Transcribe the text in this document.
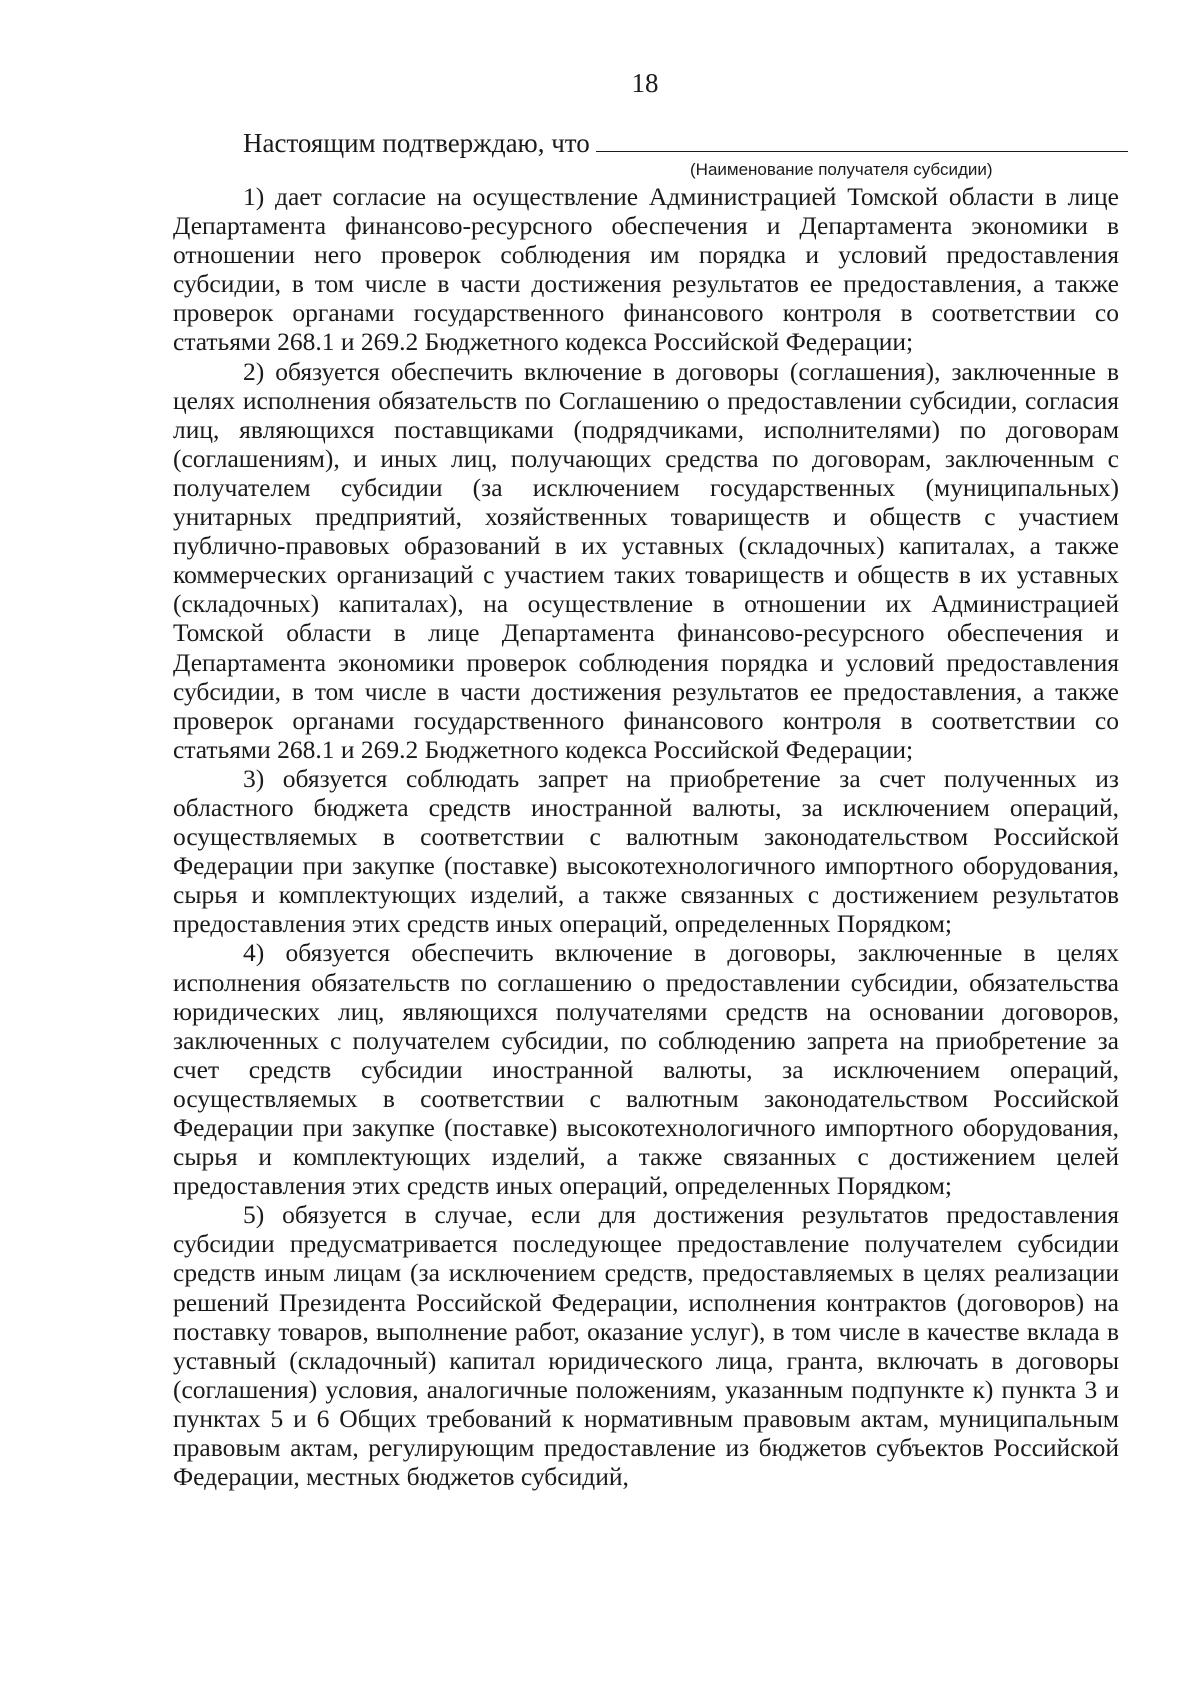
18
Настоящим подтверждаю, что
(Наименование получателя субсидии)

1) дает согласие на осуществление Администрацией Томской области в лице Департамента финансово-ресурсного обеспечения и Департамента экономики в отношении него проверок соблюдения им порядка и условий предоставления субсидии, в том числе в части достижения результатов ее предоставления, а также проверок органами государственного финансового контроля в соответствии со статьями 268.1 и 269.2 Бюджетного кодекса Российской Федерации;

2) обязуется обеспечить включение в договоры (соглашения), заключенные в целях исполнения обязательств по Соглашению о предоставлении субсидии, согласия лиц, являющихся поставщиками (подрядчиками, исполнителями) по договорам (соглашениям), и иных лиц, получающих средства по договорам, заключенным с получателем субсидии (за исключением государственных (муниципальных) унитарных предприятий, хозяйственных товариществ и обществ с участием публично-правовых образований в их уставных (складочных) капиталах, а также коммерческих организаций с участием таких товариществ и обществ в их уставных (складочных) капиталах), на осуществление в отношении их Администрацией Томской области в лице Департамента финансово-ресурсного обеспечения и Департамента экономики проверок соблюдения порядка и условий предоставления субсидии, в том числе в части достижения результатов ее предоставления, а также проверок органами государственного финансового контроля в соответствии со статьями 268.1 и 269.2 Бюджетного кодекса Российской Федерации;

3) обязуется соблюдать запрет на приобретение за счет полученных из областного бюджета средств иностранной валюты, за исключением операций, осуществляемых в соответствии с валютным законодательством Российской Федерации при закупке (поставке) высокотехнологичного импортного оборудования, сырья и комплектующих изделий, а также связанных с достижением результатов предоставления этих средств иных операций, определенных Порядком;

4) обязуется обеспечить включение в договоры, заключенные в целях исполнения обязательств по соглашению о предоставлении субсидии, обязательства юридических лиц, являющихся получателями средств на основании договоров, заключенных с получателем субсидии, по соблюдению запрета на приобретение за счет средств субсидии иностранной валюты, за исключением операций, осуществляемых в соответствии с валютным законодательством Российской Федерации при закупке (поставке) высокотехнологичного импортного оборудования, сырья и комплектующих изделий, а также связанных с достижением целей предоставления этих средств иных операций, определенных Порядком;

5) обязуется в случае, если для достижения результатов предоставления субсидии предусматривается последующее предоставление получателем субсидии средств иным лицам (за исключением средств, предоставляемых в целях реализации решений Президента Российской Федерации, исполнения контрактов (договоров) на поставку товаров, выполнение работ, оказание услуг), в том числе в качестве вклада в уставный (складочный) капитал юридического лица, гранта, включать в договоры (соглашения) условия, аналогичные положениям, указанным подпункте к) пункта 3 и пунктах 5 и 6 Общих требований к нормативным правовым актам, муниципальным правовым актам, регулирующим предоставление из бюджетов субъектов Российской Федерации, местных бюджетов субсидий,
